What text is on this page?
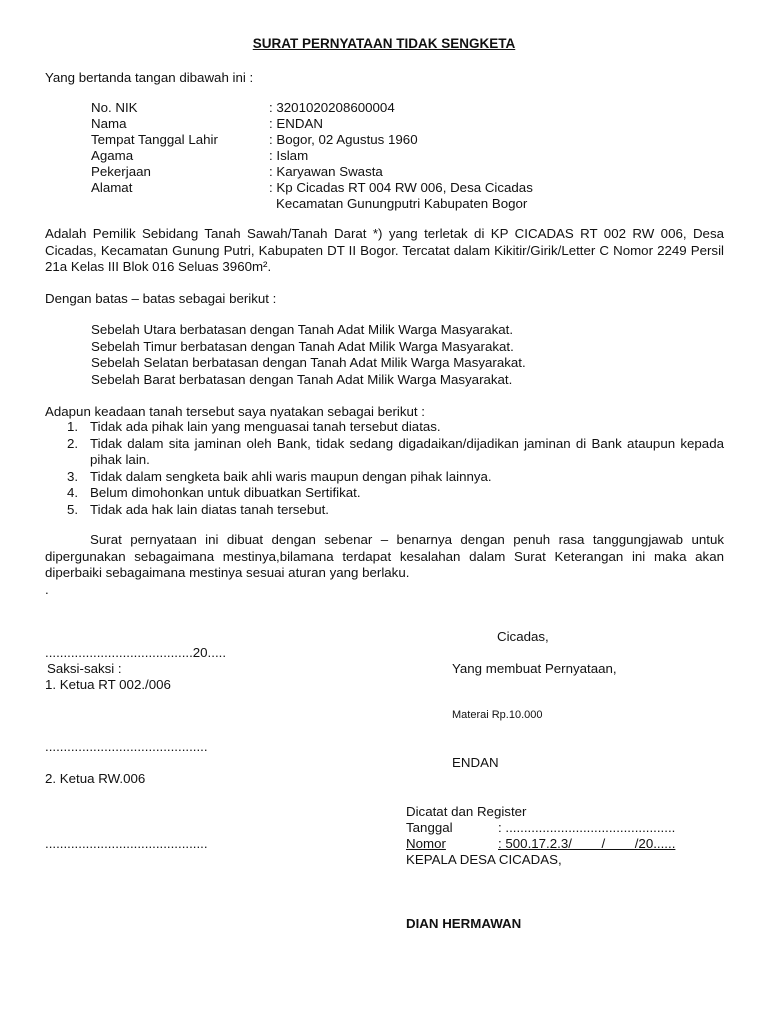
SURAT PERNYATAAN TIDAK SENGKETA
Yang bertanda tangan dibawah ini :
No. NIK	: 3201020208600004
Nama	: ENDAN
Tempat Tanggal Lahir	: Bogor, 02 Agustus 1960
Agama	: Islam
Pekerjaan	: Karyawan Swasta
Alamat	: Kp Cicadas RT 004 RW 006, Desa Cicadas
Kecamatan Gunungputri Kabupaten Bogor
Adalah Pemilik Sebidang Tanah Sawah/Tanah Darat *) yang terletak di KP CICADAS RT 002 RW 006, Desa Cicadas, Kecamatan Gunung Putri, Kabupaten DT II Bogor. Tercatat dalam Kikitir/Girik/Letter C Nomor 2249 Persil 21a Kelas III Blok 016 Seluas 3960m².
Dengan batas – batas sebagai berikut :
Sebelah Utara berbatasan dengan Tanah Adat Milik Warga Masyarakat.
Sebelah Timur berbatasan dengan Tanah Adat Milik Warga Masyarakat.
Sebelah Selatan berbatasan dengan Tanah Adat Milik Warga Masyarakat.
Sebelah Barat berbatasan dengan Tanah Adat Milik Warga Masyarakat.
Adapun keadaan tanah tersebut saya nyatakan sebagai berikut :
1. Tidak ada pihak lain yang menguasai tanah tersebut diatas.
2. Tidak dalam sita jaminan oleh Bank, tidak sedang digadaikan/dijadikan jaminan di Bank ataupun kepada pihak lain.
3. Tidak dalam sengketa baik ahli waris maupun dengan pihak lainnya.
4. Belum dimohonkan untuk dibuatkan Sertifikat.
5. Tidak ada hak lain diatas tanah tersebut.
Surat pernyataan ini dibuat dengan sebenar – benarnya dengan penuh rasa tanggungjawab untuk dipergunakan sebagaimana mestinya,bilamana terdapat kesalahan dalam Surat Keterangan ini maka akan diperbaiki sebagaimana mestinya sesuai aturan yang berlaku.
.
Cicadas,
........................................20.....
Saksi-saksi :	Yang membuat Pernyataan,
1. Ketua RT 002./006
Materai Rp.10.000
............................................
ENDAN
2. Ketua RW.006
............................................
Dicatat dan Register
Tanggal	: ..............................................
Nomor	: 500.17.2.3/        /        /20......
KEPALA DESA CICADAS,
DIAN HERMAWAN
